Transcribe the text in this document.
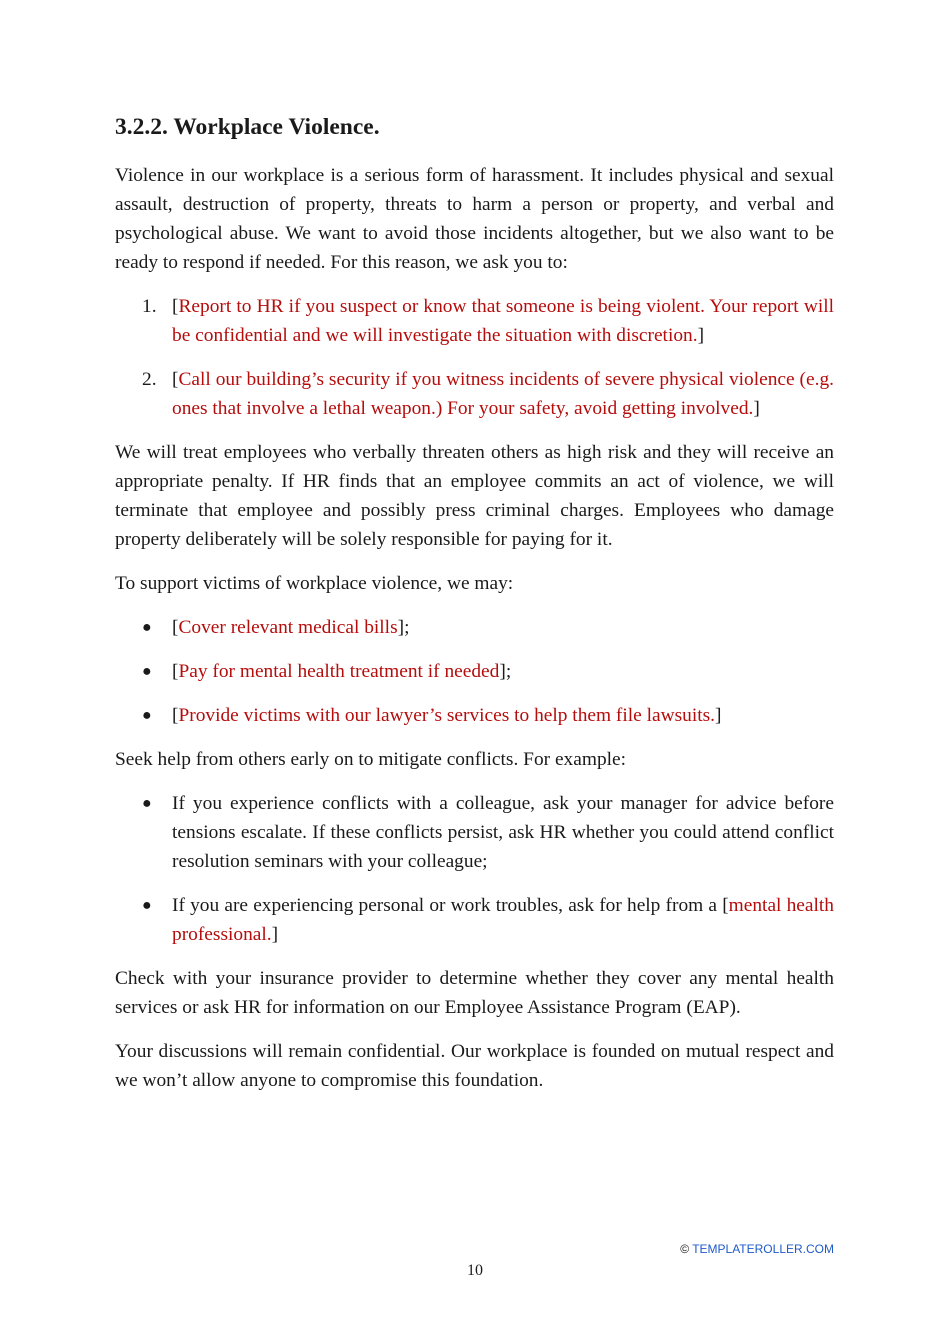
3.2.2. Workplace Violence.

Violence in our workplace is a serious form of harassment. It includes physical and sexual assault, destruction of property, threats to harm a person or property, and verbal and psychological abuse. We want to avoid those incidents altogether, but we also want to be ready to respond if needed. For this reason, we ask you to:

1. [Report to HR if you suspect or know that someone is being violent. Your report will be confidential and we will investigate the situation with discretion.]
2. [Call our building’s security if you witness incidents of severe physical violence (e.g. ones that involve a lethal weapon.) For your safety, avoid getting involved.]

We will treat employees who verbally threaten others as high risk and they will receive an appropriate penalty. If HR finds that an employee commits an act of violence, we will terminate that employee and possibly press criminal charges. Employees who damage property deliberately will be solely responsible for paying for it.

To support victims of workplace violence, we may:

● [Cover relevant medical bills];
● [Pay for mental health treatment if needed];
● [Provide victims with our lawyer’s services to help them file lawsuits.]

Seek help from others early on to mitigate conflicts. For example:

● If you experience conflicts with a colleague, ask your manager for advice before tensions escalate. If these conflicts persist, ask HR whether you could attend conflict resolution seminars with your colleague;
● If you are experiencing personal or work troubles, ask for help from a [mental health professional.]

Check with your insurance provider to determine whether they cover any mental health services or ask HR for information on our Employee Assistance Program (EAP).

Your discussions will remain confidential. Our workplace is founded on mutual respect and we won’t allow anyone to compromise this foundation.

© TEMPLATEROLLER.COM
10
